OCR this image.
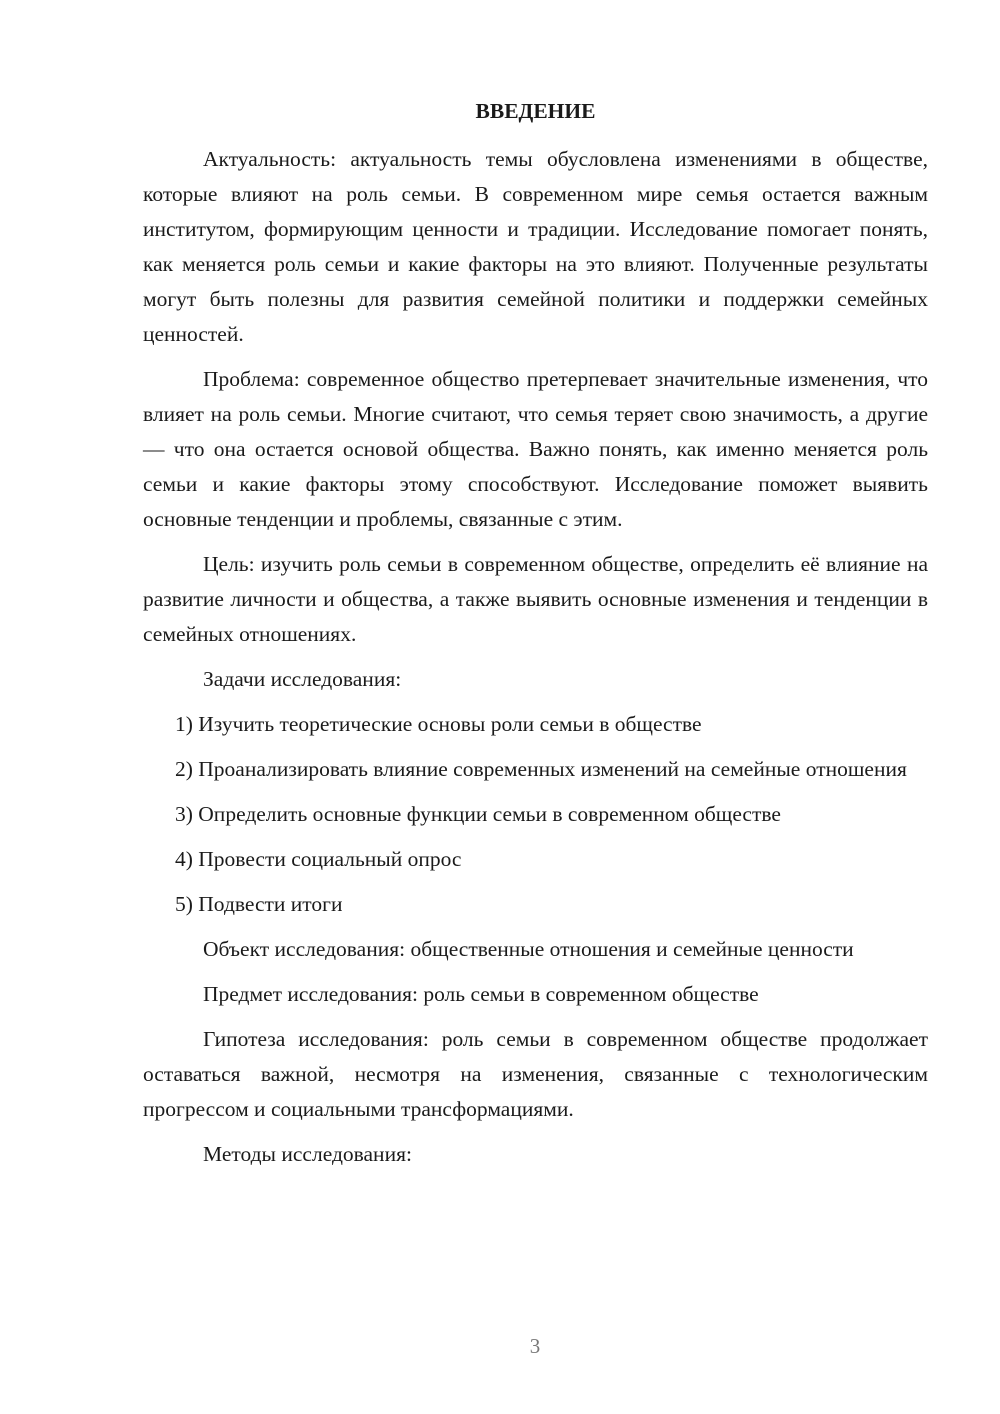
ВВЕДЕНИЕ

Актуальность: актуальность темы обусловлена изменениями в обществе, которые влияют на роль семьи. В современном мире семья остается важным институтом, формирующим ценности и традиции. Исследование помогает понять, как меняется роль семьи и какие факторы на это влияют. Полученные результаты могут быть полезны для развития семейной политики и поддержки семейных ценностей.

Проблема: современное общество претерпевает значительные изменения, что влияет на роль семьи. Многие считают, что семья теряет свою значимость, а другие — что она остается основой общества. Важно понять, как именно меняется роль семьи и какие факторы этому способствуют. Исследование поможет выявить основные тенденции и проблемы, связанные с этим.

Цель: изучить роль семьи в современном обществе, определить её влияние на развитие личности и общества, а также выявить основные изменения и тенденции в семейных отношениях.

Задачи исследования:

1) Изучить теоретические основы роли семьи в обществе

2) Проанализировать влияние современных изменений на семейные отношения

3) Определить основные функции семьи в современном обществе

4) Провести социальный опрос

5) Подвести итоги

Объект исследования: общественные отношения и семейные ценности

Предмет исследования: роль семьи в современном обществе

Гипотеза исследования: роль семьи в современном обществе продолжает оставаться важной, несмотря на изменения, связанные с технологическим прогрессом и социальными трансформациями.

Методы исследования:

3
